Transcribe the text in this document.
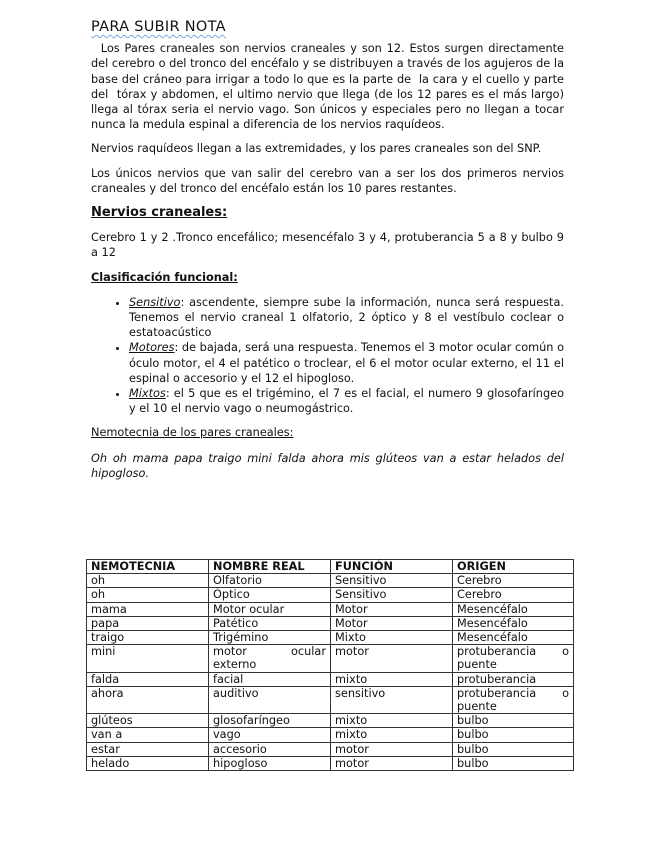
PARA SUBIR NOTA

Los Pares craneales son nervios craneales y son 12. Estos surgen directamente del cerebro o del tronco del encéfalo y se distribuyen a través de los agujeros de la base del cráneo para irrigar a todo lo que es la parte de  la cara y el cuello y parte del  tórax y abdomen, el ultimo nervio que llega (de los 12 pares es el más largo) llega al tórax seria el nervio vago. Son únicos y especiales pero no llegan a tocar nunca la medula espinal a diferencia de los nervios raquídeos.

Nervios raquídeos llegan a las extremidades, y los pares craneales son del SNP.

Los únicos nervios que van salir del cerebro van a ser los dos primeros nervios craneales y del tronco del encéfalo están los 10 pares restantes.

Nervios craneales:

Cerebro 1 y 2 .Tronco encefálico; mesencéfalo 3 y 4, protuberancia 5 a 8 y bulbo 9 a 12

Clasificación funcional:
• Sensitivo: ascendente, siempre sube la información, nunca será respuesta. Tenemos el nervio craneal 1 olfatorio, 2 óptico y 8 el vestíbulo coclear o estatoacústico
• Motores: de bajada, será una respuesta. Tenemos el 3 motor ocular común o óculo motor, el 4 el patético o troclear, el 6 el motor ocular externo, el 11 el espinal o accesorio y el 12 el hipogloso.
• Mixtos: el 5 que es el trigémino, el 7 es el facial, el numero 9 glosofaríngeo y el 10 el nervio vago o neumogástrico.
Nemotecnia de los pares craneales:

Oh oh mama papa traigo mini falda ahora mis glúteos van a estar helados del hipogloso.

NEMOTECNIA	NOMBRE REAL	FUNCIÓN	ORIGEN
oh	Olfatorio	Sensitivo	Cerebro
oh	Óptico	Sensitivo	Cerebro
mama	Motor ocular	Motor	Mesencéfalo
papa	Patético	Motor	Mesencéfalo
traigo	Trigémino	Mixto	Mesencéfalo
mini	motor ocular externo	motor	protuberancia o puente
falda	facial	mixto	protuberancia
ahora	auditivo	sensitivo	protuberancia o puente
glúteos	glosofaríngeo	mixto	bulbo
van a	vago	mixto	bulbo
estar	accesorio	motor	bulbo
helado	hipogloso	motor	bulbo
